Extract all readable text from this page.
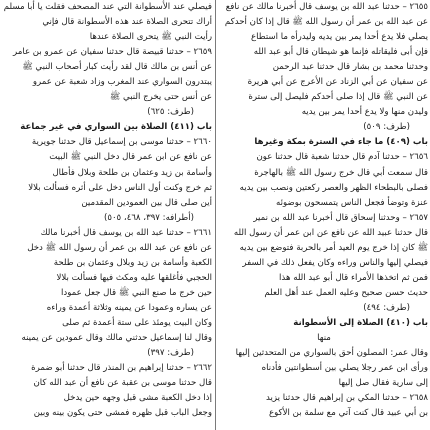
۲٦٥٥ – حدثنا عبد الله بن يوسف قال أخبرنا مالك عن نافع
عن عبد الله بن عمر أن رسول الله ﷺ قال إذا كان أحدكم
يصلي فلا يدع أحدا يمر بين يديه وليدرأه ما استطاع
فإن أبى فليقاتله فإنما هو شيطان قال أبو عبد الله
وحدثنا محمد بن بشار قال حدثنا عبد الرحمن
عن سفيان عن أبي الزناد عن الأعرج عن أبي هريرة
عن النبي ﷺ قال إذا صلى أحدكم فليصل إلى سترة
وليدن منها ولا يدع أحدا يمر بين يديه
(طرف: ٥٠٩)
باب (٤٠٩) ما جاء في السترة بمكة وغيرها
۲٦٥٦ – حدثنا آدم قال حدثنا شعبة قال حدثنا عون
قال سمعت أبي قال خرج رسول الله ﷺ بالهاجرة
فصلى بالبطحاء الظهر والعصر ركعتين ونصب بين يديه
عنزة وتوضأ فجعل الناس يتمسحون بوضوئه
۲٦٥٧ – وحدثنا إسحاق قال أخبرنا عبد الله بن نمير
قال حدثنا عبيد الله عن نافع عن ابن عمر أن رسول الله
ﷺ كان إذا خرج يوم العيد أمر بالحربة فتوضع بين يديه
فيصلي إليها والناس وراءه وكان يفعل ذلك في السفر
فمن ثم اتخذها الأمراء قال أبو عبد الله هذا
حديث حسن صحيح وعليه العمل عند أهل العلم
(طرف: ٤٩٤)
باب (٤١٠) الصلاة إلى الأسطوانة
منها
وقال عمر: المصلون أحق بالسواري من المتحدثين إليها
ورأى ابن عمر رجلا يصلي بين أسطوانتين فأدناه
إلى سارية فقال صل إليها
۲٦٥٨ – حدثنا المكي بن إبراهيم قال حدثنا يزيد
بن أبي عبيد قال كنت آتي مع سلمة بن الأكوع
فيصلي عند الأسطوانة التي عند المصحف فقلت يا أبا مسلم
أراك تتحرى الصلاة عند هذه الأسطوانة قال فإني
رأيت النبي ﷺ يتحرى الصلاة عندها
۲٦٥٩ – حدثنا قبيصة قال حدثنا سفيان عن عمرو بن عامر
عن أنس بن مالك قال لقد رأيت كبار أصحاب النبي ﷺ
يبتدرون السواري عند المغرب وزاد شعبة عن عمرو
عن أنس حتى يخرج النبي ﷺ
(طرف: ٦٢٥)
باب (٤١١) الصلاة بين السواري في غير جماعة
۲٦٦٠ – حدثنا موسى بن إسماعيل قال حدثنا جويرية
عن نافع عن ابن عمر قال دخل النبي ﷺ البيت
وأسامة بن زيد وعثمان بن طلحة وبلال فأطال
ثم خرج وكنت أول الناس دخل على أثره فسألت بلالا
أين صلى قال بين العمودين المقدمين
(أطرافه: ٣٩٧، ٤٦٨، ٥٠٥)
۲٦٦١ – حدثنا عبد الله بن يوسف قال أخبرنا مالك
عن نافع عن عبد الله بن عمر أن رسول الله ﷺ دخل
الكعبة وأسامة بن زيد وبلال وعثمان بن طلحة
الحجبي فأغلقها عليه ومكث فيها فسألت بلالا
حين خرج ما صنع النبي ﷺ قال جعل عمودا
عن يساره وعمودا عن يمينه وثلاثة أعمدة وراءه
وكان البيت يومئذ على ستة أعمدة ثم صلى
وقال لنا إسماعيل حدثني مالك وقال عمودين عن يمينه
(طرف: ٣٩٧)
۲٦٦٢ – حدثنا إبراهيم بن المنذر قال حدثنا أبو ضمرة
قال حدثنا موسى بن عقبة عن نافع أن عبد الله كان
إذا دخل الكعبة مشى قبل وجهه حين يدخل
وجعل الباب قبل ظهره فمشى حتى يكون بينه وبين
